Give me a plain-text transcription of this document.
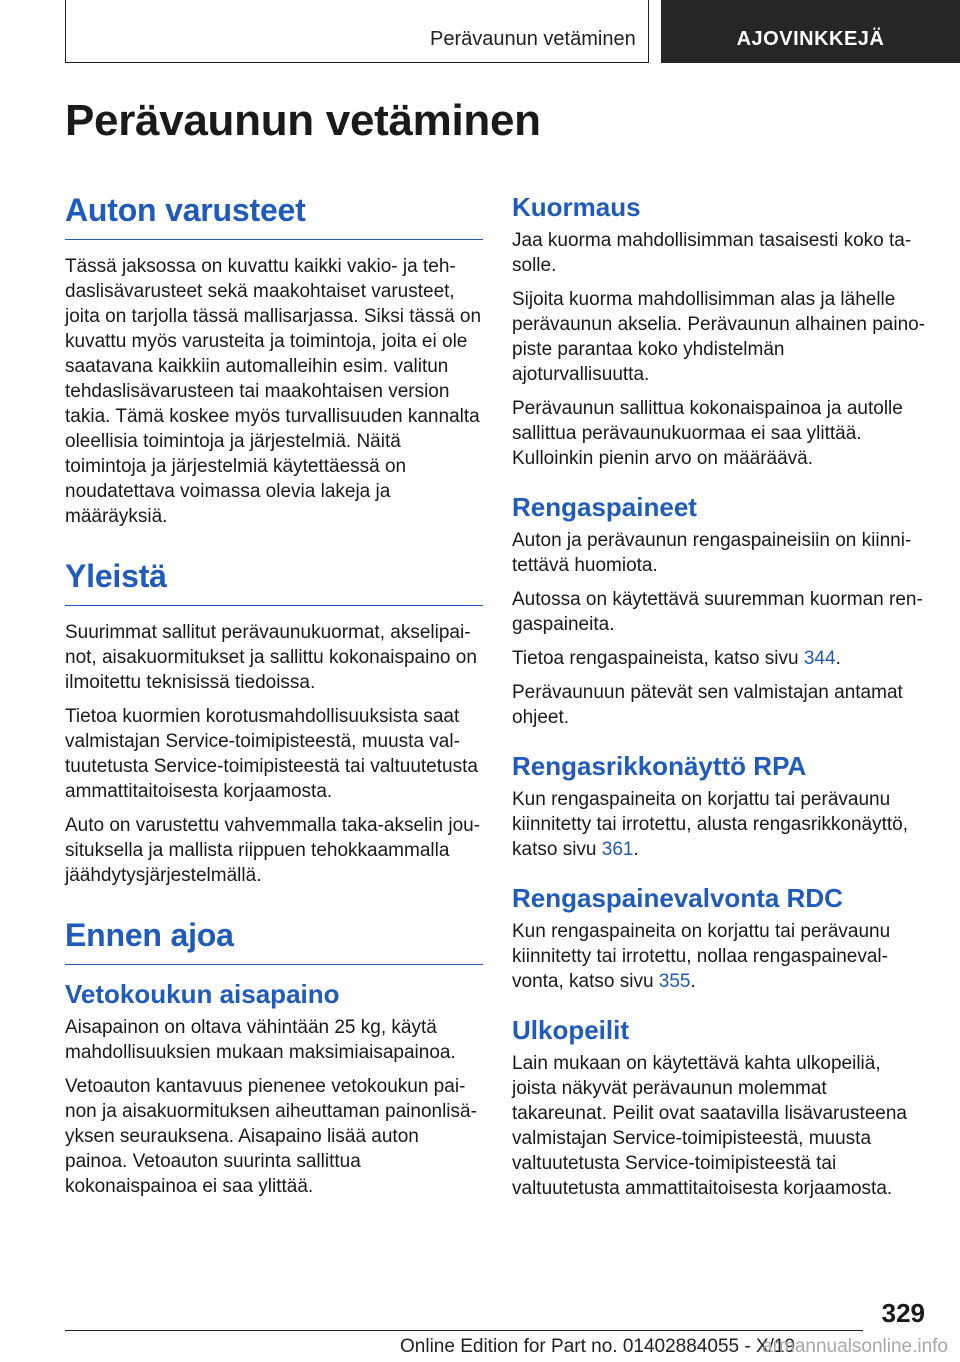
Perävaunun vetäminen	AJOVINKKEJÄ
Perävaunun vetäminen
Auton varusteet

Tässä jaksossa on kuvattu kaikki vakio- ja tehdaslisävarusteet sekä maakohtaiset varusteet, joita on tarjolla tässä mallisarjassa. Siksi tässä on kuvattu myös varusteita ja toimintoja, joita ei ole saatavana kaikkiin automalleihin esim. valitun tehdaslisävarusteen tai maakohtaisen version takia. Tämä koskee myös turvallisuuden kannalta oleellisia toimintoja ja järjestelmiä. Näitä toimintoja ja järjestelmiä käytettäessä on noudatettava voimassa olevia lakeja ja määräyksiä.

Yleistä

Suurimmat sallitut perävaunukuormat, akselipainot, aisakuormitukset ja sallittu kokonaispaino on ilmoitettu teknisissä tiedoissa.

Tietoa kuormien korotusmahdollisuuksista saat valmistajan Service-toimipisteestä, muusta valtuutetusta Service-toimipisteestä tai valtuutetusta ammattitaitoisesta korjaamosta.

Auto on varustettu vahvemmalla taka-akselin jousituksella ja mallista riippuen tehokkaammalla jäähdytysjärjestelmällä.

Ennen ajoa
Vetokoukun aisapaino

Aisapainon on oltava vähintään 25 kg, käytä mahdollisuuksien mukaan maksimiaisapainoa.

Vetoauton kantavuus pienenee vetokoukun painon ja aisakuormituksen aiheuttaman painonlisäyksen seurauksena. Aisapaino lisää auton painoa. Vetoauton suurinta sallittua kokonaispainoa ei saa ylittää.

Kuormaus

Jaa kuorma mahdollisimman tasaisesti koko tasolle.

Sijoita kuorma mahdollisimman alas ja lähelle perävaunun akselia. Perävaunun alhainen painopiste parantaa koko yhdistelmän ajoturvallisuutta.

Perävaunun sallittua kokonaispainoa ja autolle sallittua perävaunukuormaa ei saa ylittää. Kulloinkin pienin arvo on määräävä.

Rengaspaineet

Auton ja perävaunun rengaspaineisiin on kiinnitettävä huomiota.

Autossa on käytettävä suuremman kuorman rengaspaineita.

Tietoa rengaspaineista, katso sivu 344.

Perävaunuun pätevät sen valmistajan antamat ohjeet.

Rengasrikkonäyttö RPA

Kun rengaspaineita on korjattu tai perävaunu kiinnitetty tai irrotettu, alusta rengasrikkonäyttö, katso sivu 361.

Rengaspainevalvonta RDC

Kun rengaspaineita on korjattu tai perävaunu kiinnitetty tai irrotettu, nollaa rengaspainevalvonta, katso sivu 355.

Ulkopeilit

Lain mukaan on käytettävä kahta ulkopeiliä, joista näkyvät perävaunun molemmat takareunat. Peilit ovat saatavilla lisävarusteena valmistajan Service-toimipisteestä, muusta valtuutetusta Service-toimipisteestä tai valtuutetusta ammattitaitoisesta korjaamosta.

329
Online Edition for Part no. 01402884055 - X/19
armannualsonline.info
